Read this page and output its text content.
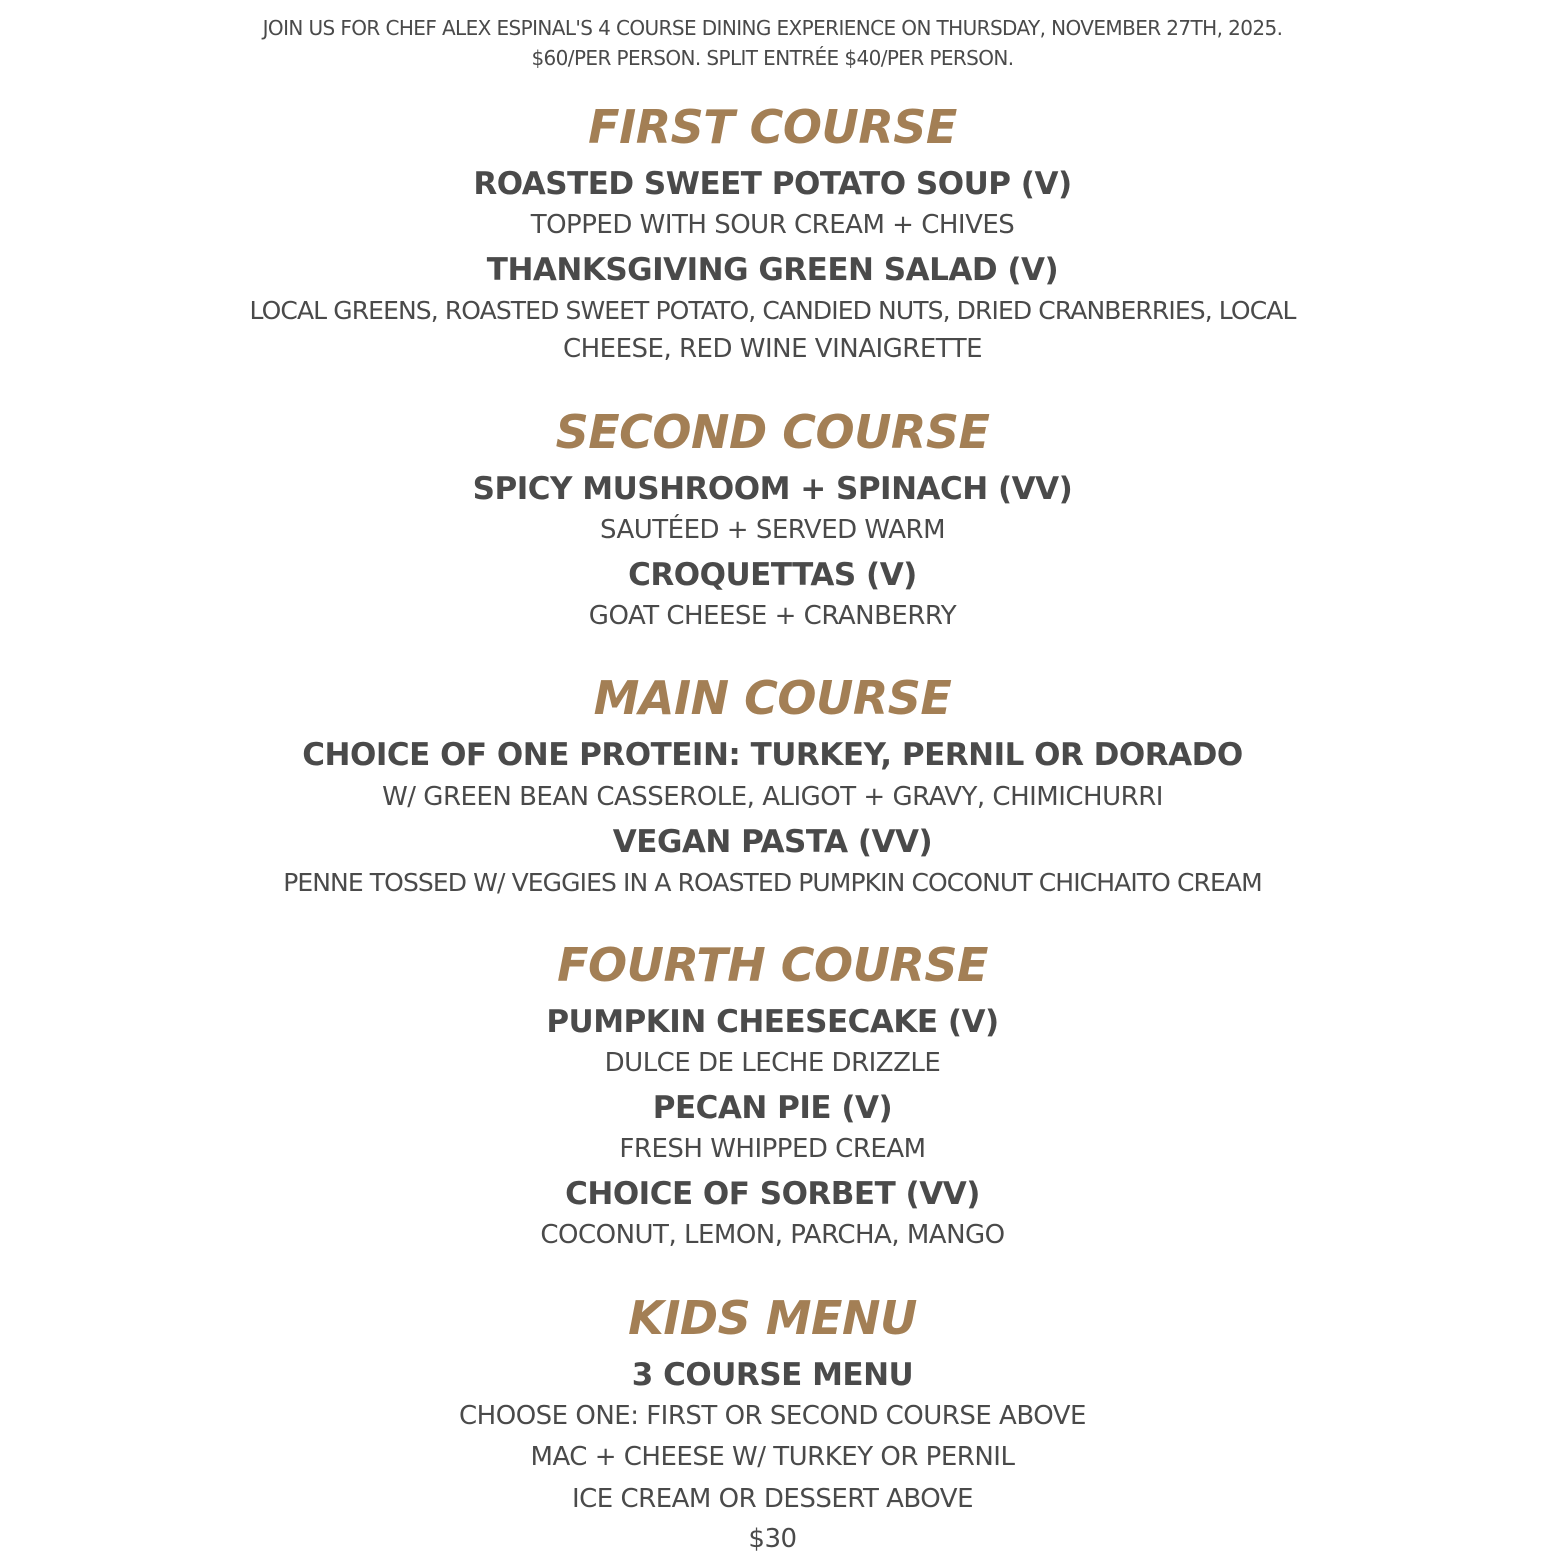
JOIN US FOR CHEF ALEX ESPINAL'S 4 COURSE DINING EXPERIENCE ON THURSDAY, NOVEMBER 27TH, 2025.
$60/PER PERSON. SPLIT ENTRÉE $40/PER PERSON.
FIRST COURSE
ROASTED SWEET POTATO SOUP (V)
TOPPED WITH SOUR CREAM + CHIVES
THANKSGIVING GREEN SALAD (V)
LOCAL GREENS, ROASTED SWEET POTATO, CANDIED NUTS, DRIED CRANBERRIES, LOCAL
CHEESE, RED WINE VINAIGRETTE
SECOND COURSE
SPICY MUSHROOM + SPINACH (VV)
SAUTÉED + SERVED WARM
CROQUETTAS (V)
GOAT CHEESE + CRANBERRY
MAIN COURSE
CHOICE OF ONE PROTEIN: TURKEY, PERNIL OR DORADO
W/ GREEN BEAN CASSEROLE, ALIGOT + GRAVY, CHIMICHURRI
VEGAN PASTA (VV)
PENNE TOSSED W/ VEGGIES IN A ROASTED PUMPKIN COCONUT CHICHAITO CREAM
FOURTH COURSE
PUMPKIN CHEESECAKE (V)
DULCE DE LECHE DRIZZLE
PECAN PIE (V)
FRESH WHIPPED CREAM
CHOICE OF SORBET (VV)
COCONUT, LEMON, PARCHA, MANGO
KIDS MENU
3 COURSE MENU
CHOOSE ONE: FIRST OR SECOND COURSE ABOVE
MAC + CHEESE W/ TURKEY OR PERNIL
ICE CREAM OR DESSERT ABOVE
$30
